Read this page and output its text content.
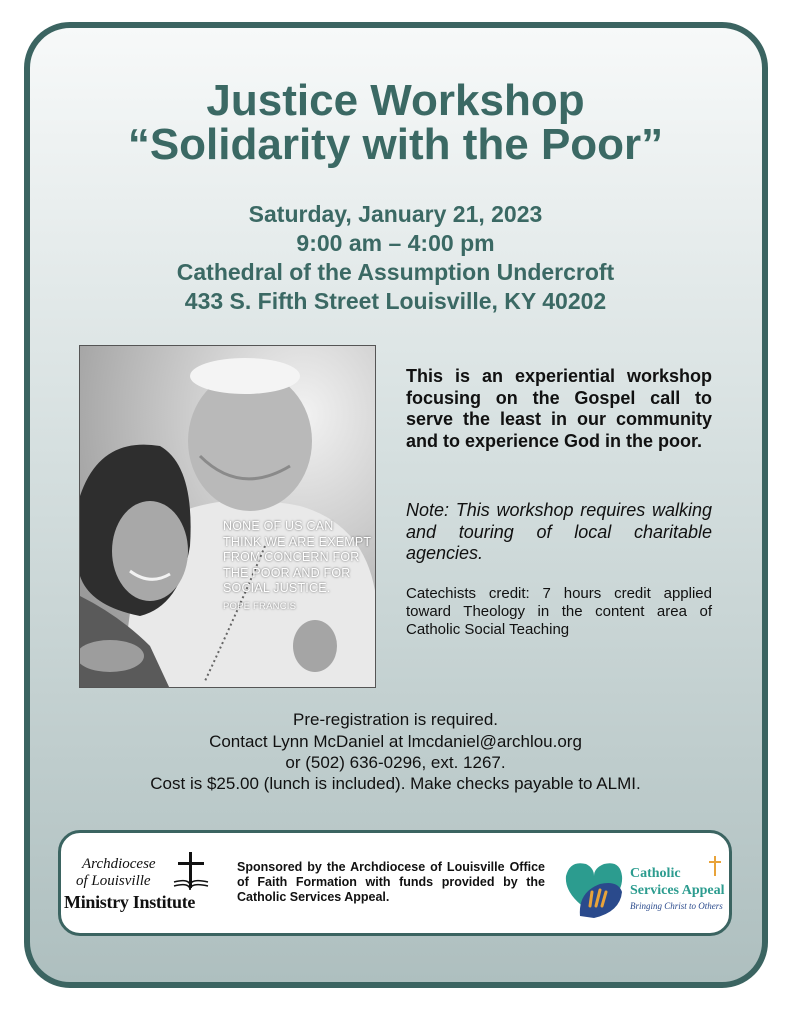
Justice Workshop
“Solidarity with the Poor”
Saturday, January 21, 2023
9:00 am – 4:00 pm
Cathedral of the Assumption Undercroft
433 S. Fifth Street Louisville, KY 40202
NONE OF US CAN
THINK WE ARE EXEMPT
FROM CONCERN FOR
THE POOR AND FOR
SOCIAL JUSTICE.
POPE FRANCIS
This is an experiential workshop focusing on the Gospel call to serve the least in our community and to experience God in the poor.
Note: This workshop requires walking and touring of local charitable agencies.
Catechists credit: 7 hours credit applied toward Theology in the content area of Catholic Social Teaching
Pre-registration is required.
Contact Lynn McDaniel at lmcdaniel@archlou.org
or (502) 636-0296, ext. 1267.
Cost is $25.00 (lunch is included). Make checks payable to ALMI.
Archdiocese
of Louisville
Ministry Institute
Sponsored by the Archdiocese of Louisville Office of Faith Formation with funds provided by the Catholic Services Appeal.
Catholic
Services Appeal
Bringing Christ to Others
